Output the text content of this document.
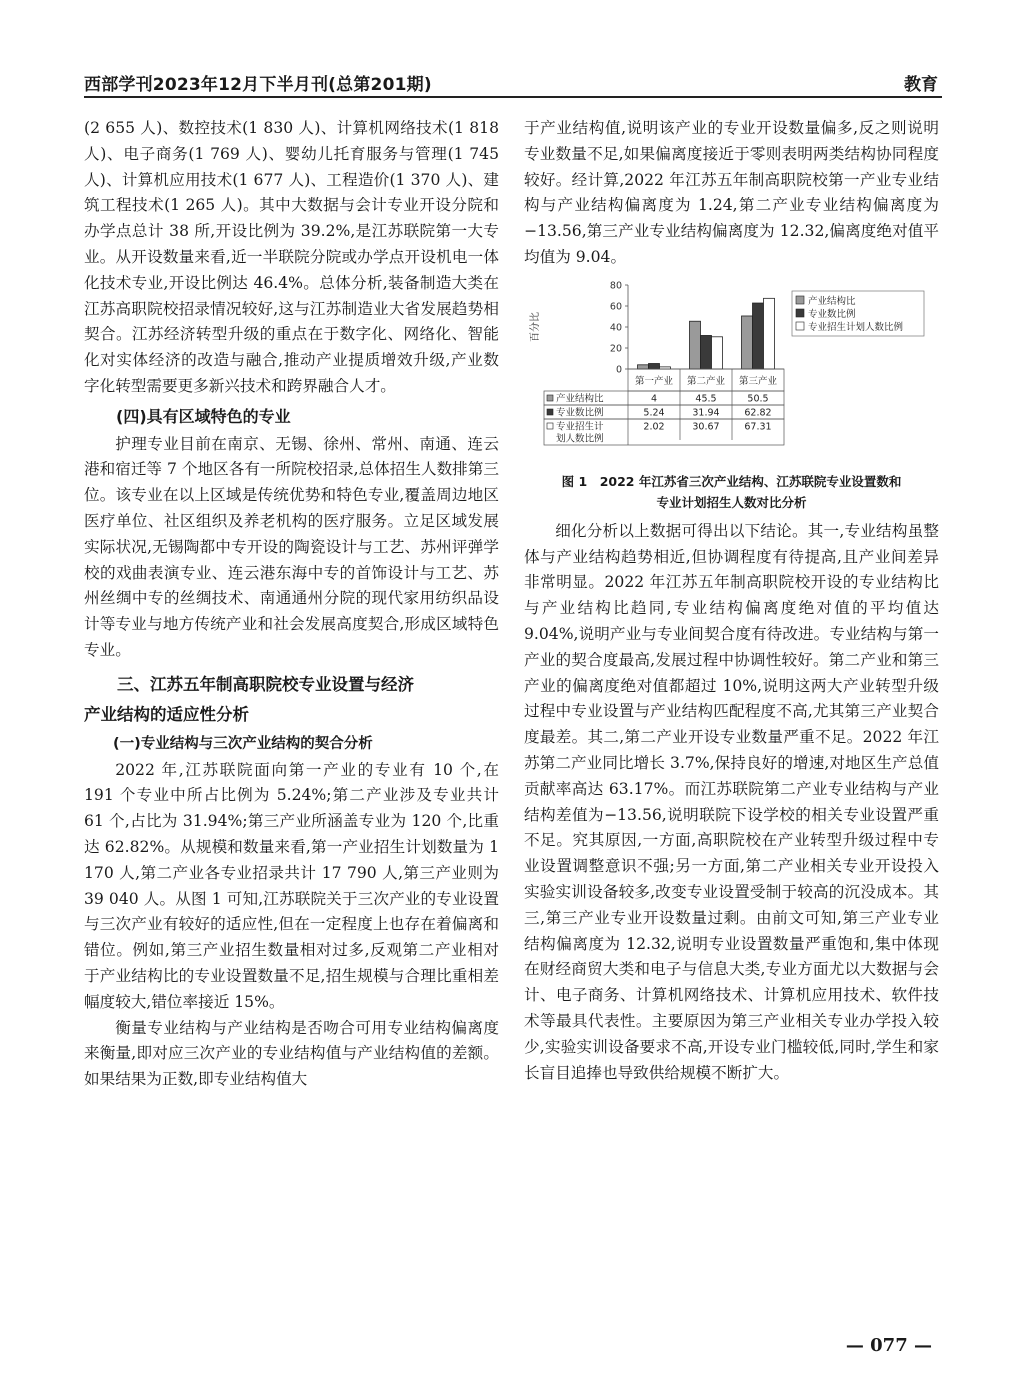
西部学刊2023年12月下半月刊(总第201期)	教育

(2 655 人)、数控技术(1 830 人)、计算机网络技术(1 818 人)、电子商务(1 769 人)、婴幼儿托育服务与管理(1 745 人)、计算机应用技术(1 677 人)、工程造价(1 370 人)、建筑工程技术(1 265 人)。其中大数据与会计专业开设分院和办学点总计 38 所,开设比例为 39.2%,是江苏联院第一大专业。从开设数量来看,近一半联院分院或办学点开设机电一体化技术专业,开设比例达 46.4%。总体分析,装备制造大类在江苏高职院校招录情况较好,这与江苏制造业大省发展趋势相契合。江苏经济转型升级的重点在于数字化、网络化、智能化对实体经济的改造与融合,推动产业提质增效升级,产业数字化转型需要更多新兴技术和跨界融合人才。

(四)具有区域特色的专业

护理专业目前在南京、无锡、徐州、常州、南通、连云港和宿迁等 7 个地区各有一所院校招录,总体招生人数排第三位。该专业在以上区域是传统优势和特色专业,覆盖周边地区医疗单位、社区组织及养老机构的医疗服务。立足区域发展实际状况,无锡陶都中专开设的陶瓷设计与工艺、苏州评弹学校的戏曲表演专业、连云港东海中专的首饰设计与工艺、苏州丝绸中专的丝绸技术、南通通州分院的现代家用纺织品设计等专业与地方传统产业和社会发展高度契合,形成区域特色专业。

三、江苏五年制高职院校专业设置与经济
产业结构的适应性分析
(一)专业结构与三次产业结构的契合分析

2022 年,江苏联院面向第一产业的专业有 10 个,在 191 个专业中所占比例为 5.24%;第二产业涉及专业共计 61 个,占比为 31.94%;第三产业所涵盖专业为 120 个,比重达 62.82%。从规模和数量来看,第一产业招生计划数量为 1 170 人,第二产业各专业招录共计 17 790 人,第三产业则为 39 040 人。从图 1 可知,江苏联院关于三次产业的专业设置与三次产业有较好的适应性,但在一定程度上也存在着偏离和错位。例如,第三产业招生数量相对过多,反观第二产业相对于产业结构比的专业设置数量不足,招生规模与合理比重相差幅度较大,错位率接近 15%。

衡量专业结构与产业结构是否吻合可用专业结构偏离度来衡量,即对应三次产业的专业结构值与产业结构值的差额。如果结果为正数,即专业结构值大

于产业结构值,说明该产业的专业开设数量偏多,反之则说明专业数量不足,如果偏离度接近于零则表明两类结构协同程度较好。经计算,2022 年江苏五年制高职院校第一产业专业结构与产业结构偏离度为 1.24,第二产业专业结构偏离度为−13.56,第三产业专业结构偏离度为 12.32,偏离度绝对值平均值为 9.04。

百分比
0
20
40
60
80
第一产业 第二产业 第三产业
产业结构比	4	45.5	50.5
专业数比例	5.24	31.94	62.82
专业招生计
划人数比例
2.02	30.67	67.31
产业结构比
专业数比例
专业招生计划人数比例
图 1　2022 年江苏省三次产业结构、江苏联院专业设置数和
专业计划招生人数对比分析

细化分析以上数据可得出以下结论。其一,专业结构虽整体与产业结构趋势相近,但协调程度有待提高,且产业间差异非常明显。2022 年江苏五年制高职院校开设的专业结构比与产业结构比趋同,专业结构偏离度绝对值的平均值达 9.04%,说明产业与专业间契合度有待改进。专业结构与第一产业的契合度最高,发展过程中协调性较好。第二产业和第三产业的偏离度绝对值都超过 10%,说明这两大产业转型升级过程中专业设置与产业结构匹配程度不高,尤其第三产业契合度最差。其二,第二产业开设专业数量严重不足。2022 年江苏第二产业同比增长 3.7%,保持良好的增速,对地区生产总值贡献率高达 63.17%。而江苏联院第二产业专业结构与产业结构差值为−13.56,说明联院下设学校的相关专业设置严重不足。究其原因,一方面,高职院校在产业转型升级过程中专业设置调整意识不强;另一方面,第二产业相关专业开设投入实验实训设备较多,改变专业设置受制于较高的沉没成本。其三,第三产业专业开设数量过剩。由前文可知,第三产业专业结构偏离度为 12.32,说明专业设置数量严重饱和,集中体现在财经商贸大类和电子与信息大类,专业方面尤以大数据与会计、电子商务、计算机网络技术、计算机应用技术、软件技术等最具代表性。主要原因为第三产业相关专业办学投入较少,实验实训设备要求不高,开设专业门槛较低,同时,学生和家长盲目追捧也导致供给规模不断扩大。

— 077 —
